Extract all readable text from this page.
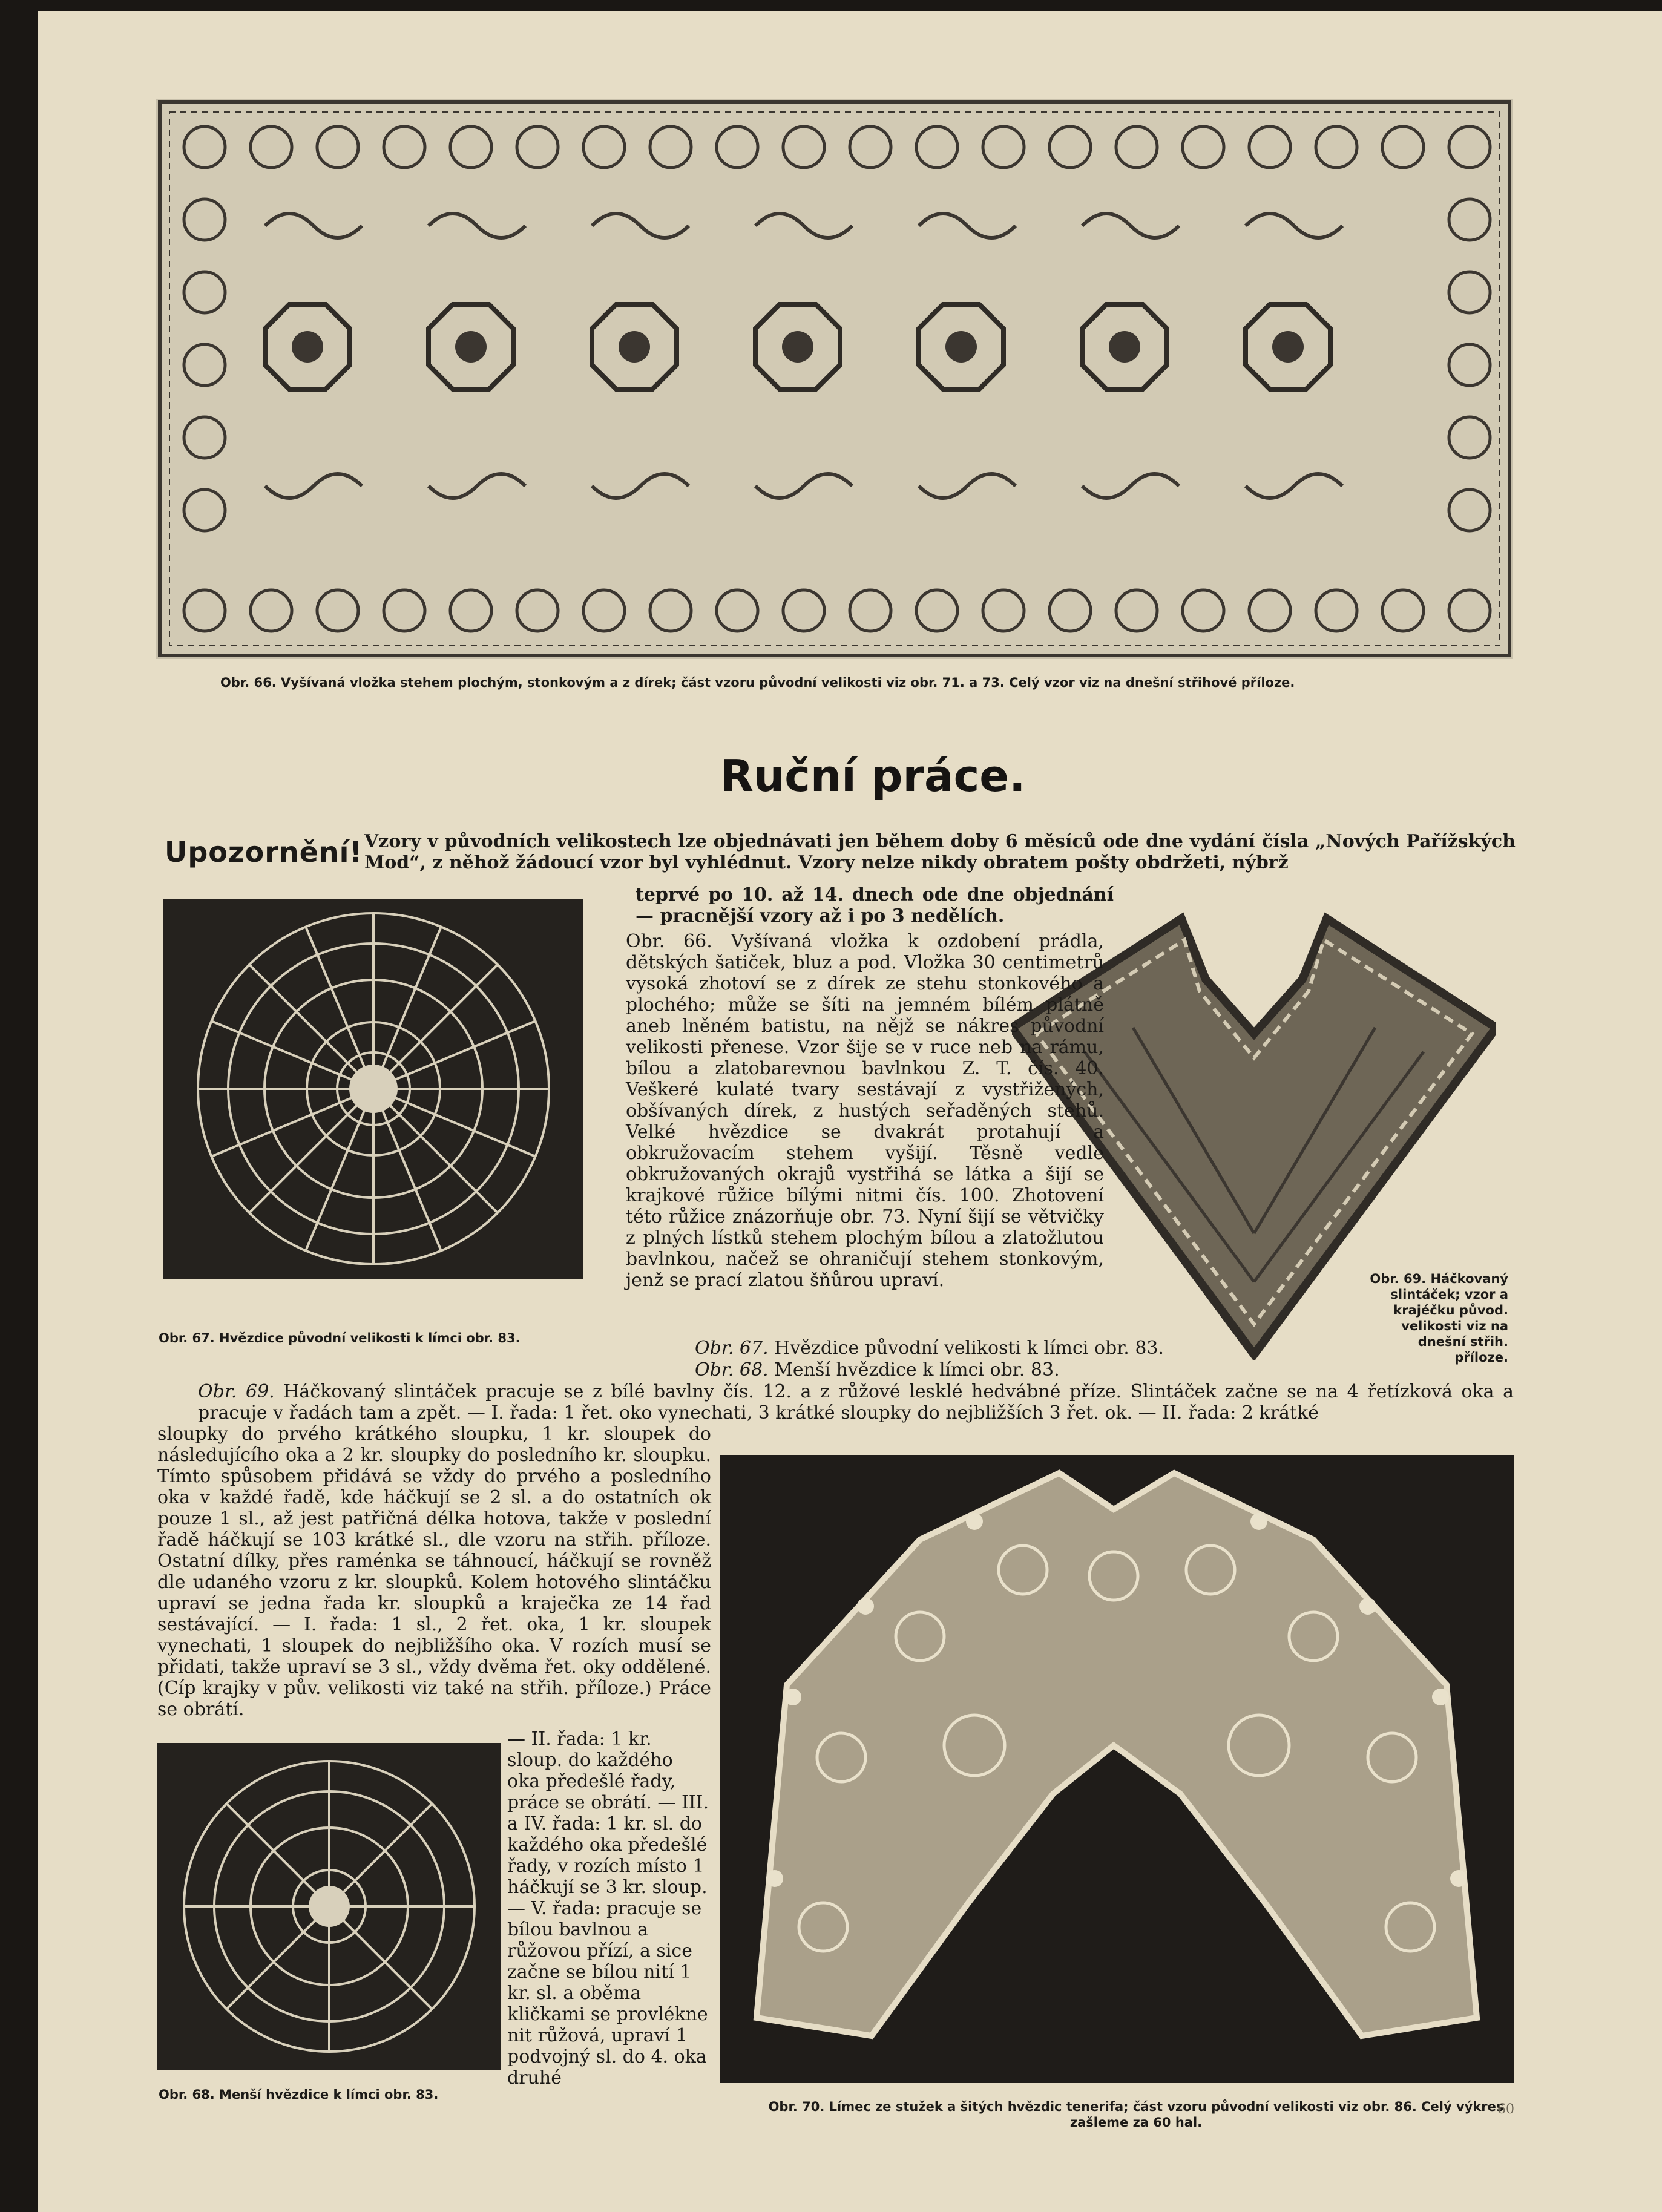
Obr. 66. Vyšívaná vložka stehem plochým, stonkovým a z dírek; část vzoru původní velikosti viz obr. 71. a 73. Celý vzor viz na dnešní střihové příloze.
Ruční práce.
Upozornění! Vzory v původních velikostech lze objednávati jen během doby 6 měsíců ode dne vydání čísla „Nových Pařížských Mod“, z něhož žádoucí vzor byl vyhlédnut. Vzory nelze nikdy obratem pošty obdržeti, nýbrž
teprvé po 10. až 14. dnech ode dne objednání — pracnější vzory až i po 3 nedělích.
Obr. 67. Hvězdice původní velikosti k límci obr. 83.
Obr. 69. Háčkovaný slintáček; vzor a krajéčku původ. velikosti viz na dnešní střih. příloze.
Obr. 66. Vyšívaná vložka k ozdobení prádla, dětských šatiček, bluz a pod. Vložka 30 centimetrů vysoká zhotoví se z dírek ze stehu stonkového a plochého; může se šíti na jemném bílém plátně aneb lněném batistu, na nějž se nákres původní velikosti přenese. Vzor šije se v ruce neb na rámu, bílou a zlatobarevnou bavlnkou Z. T. čís. 40. Veškeré kulaté tvary sestávají z vystřižených, obšívaných dírek, z hustých seřaděných stehů. Velké hvězdice se dvakrát protahují a obkružovacím stehem vyšijí. Těsně vedle obkružovaných okrajů vystřihá se látka a šijí se krajkové růžice bílými nitmi čís. 100. Zhotovení této růžice znázorňuje obr. 73. Nyní šijí se větvičky z plných lístků stehem plochým bílou a zlatožlutou bavlnkou, načež se ohraničují stehem stonkovým, jenž se prací zlatou šňůrou upraví.
Obr. 67. Hvězdice původní velikosti k límci obr. 83.
Obr. 68. Menší hvězdice k límci obr. 83.
Obr. 69. Háčkovaný slintáček pracuje se z bílé bavlny čís. 12. a z růžové lesklé hedvábné příze. Slintáček začne se na 4 řetízková oka a pracuje v řadách tam a zpět. — I. řada: 1 řet. oko vynechati, 3 krátké sloupky do nejbližších 3 řet. ok. — II. řada: 2 krátké
sloupky do prvého krátkého sloupku, 1 kr. sloupek do následujícího oka a 2 kr. sloupky do posledního kr. sloupku. Tímto spůsobem přidává se vždy do prvého a posledního oka v každé řadě, kde háčkují se 2 sl. a do ostatních ok pouze 1 sl., až jest patřičná délka hotova, takže v poslední řadě háčkují se 103 krátké sl., dle vzoru na střih. příloze. Ostatní dílky, přes raménka se táhnoucí, háčkují se rovněž dle udaného vzoru z kr. sloupků. Kolem hotového slintáčku upraví se jedna řada kr. sloupků a kraječka ze 14 řad sestávající. — I. řada: 1 sl., 2 řet. oka, 1 kr. sloupek vynechati, 1 sloupek do nejbližšího oka. V rozích musí se přidati, takže upraví se 3 sl., vždy dvěma řet. oky oddělené. (Cíp krajky v pův. velikosti viz také na střih. příloze.) Práce se obrátí.
Obr. 70. Límec ze stužek a šitých hvězdic tenerifa; část vzoru původní velikosti viz obr. 86. Celý výkres zašleme za 60 hal.
Obr. 68. Menší hvězdice k límci obr. 83.
— II. řada: 1 kr. sloup. do každého oka předešlé řady, práce se obrátí. — III. a IV. řada: 1 kr. sl. do každého oka předešlé řady, v rozích místo 1 háčkují se 3 kr. sloup. — V. řada: pracuje se bílou bavlnou a růžovou přízí, a sice začne se bílou nití 1 kr. sl. a oběma kličkami se provlékne nit růžová, upraví 1 podvojný sl. do 4. oka druhé
60
